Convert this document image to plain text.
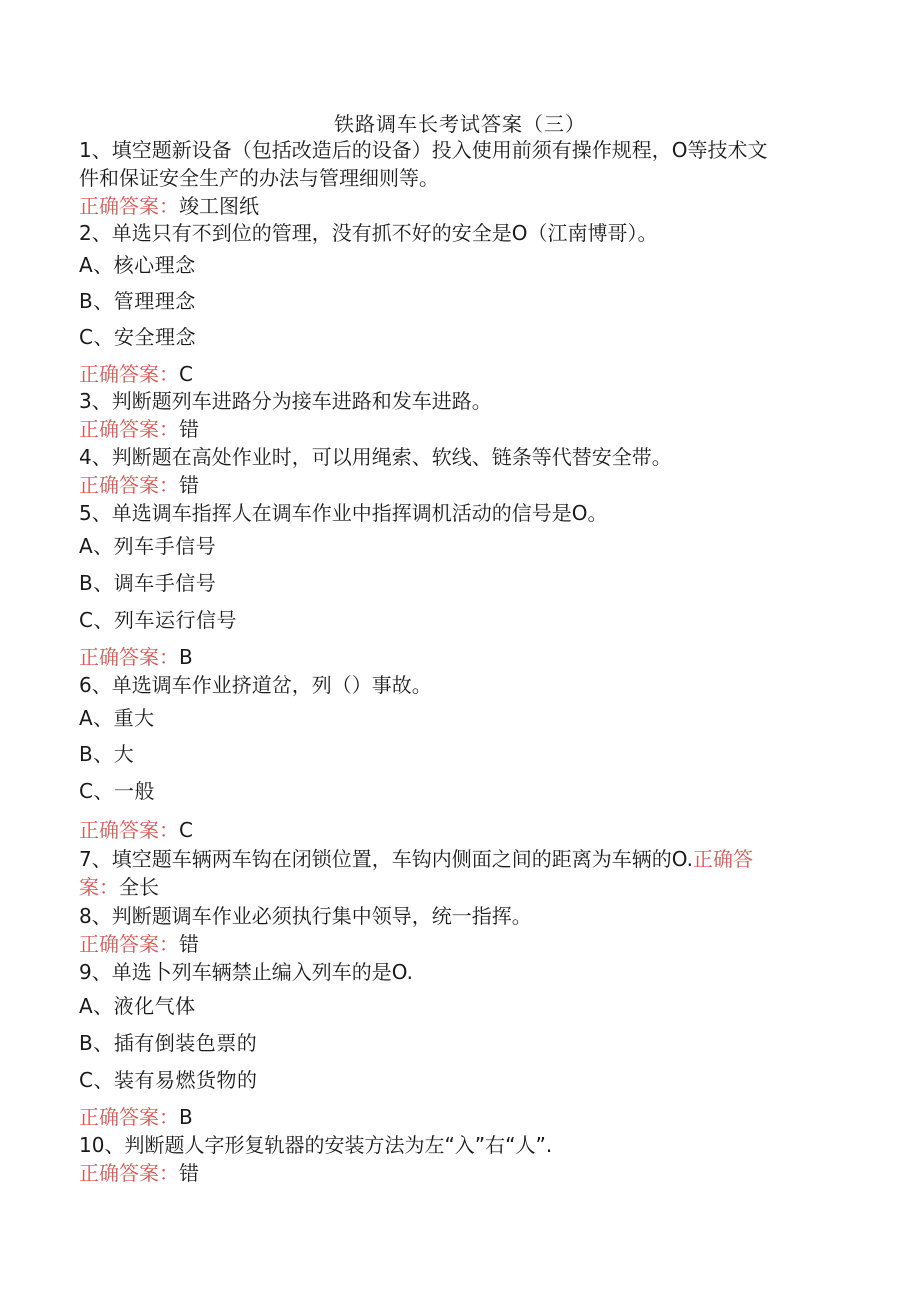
铁路调车长考试答案（三）
1、填空题新设备（包括改造后的设备）投入使用前须有操作规程，O等技术文
件和保证安全生产的办法与管理细则等。
正确答案：竣工图纸
2、单选只有不到位的管理，没有抓不好的安全是O（江南博哥）。
A、核心理念
B、管理理念
C、安全理念
正确答案：C
3、判断题列车进路分为接车进路和发车进路。
正确答案：错
4、判断题在高处作业时，可以用绳索、软线、链条等代替安全带。
正确答案：错
5、单选调车指挥人在调车作业中指挥调机活动的信号是O。
A、列车手信号
B、调车手信号
C、列车运行信号
正确答案：B
6、单选调车作业挤道岔，列（）事故。
A、重大
B、大
C、一般
正确答案：C
7、填空题车辆两车钩在闭锁位置，车钩内侧面之间的距离为车辆的O.正确答
案：全长
8、判断题调车作业必须执行集中领导，统一指挥。
正确答案：错
9、单选卜列车辆禁止编入列车的是O.
A、液化气体
B、插有倒装色票的
C、装有易燃货物的
正确答案：B
10、判断题人字形复轨器的安装方法为左“入”右“人”.
正确答案：错
